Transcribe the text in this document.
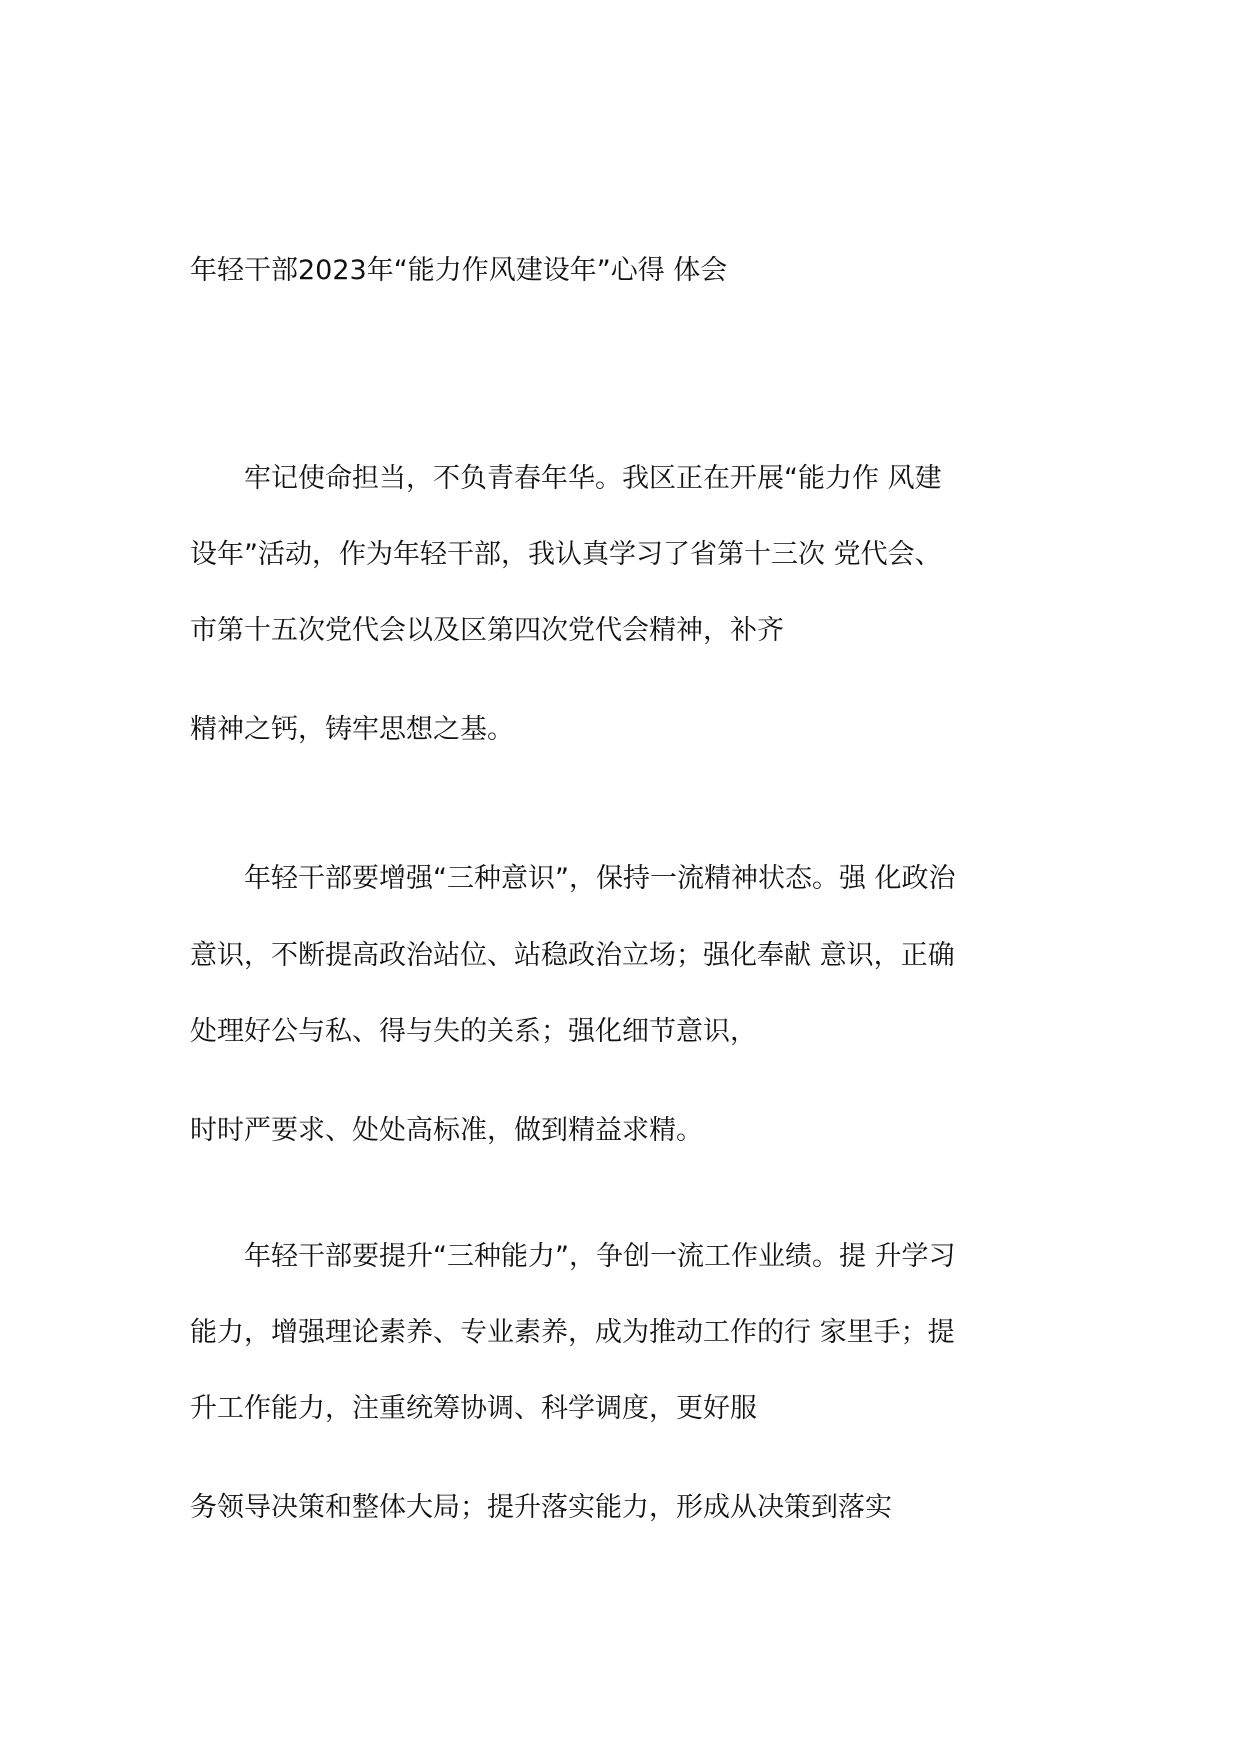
年轻干部2023年“能力作风建设年”心得 体会
　　牢记使命担当，不负青春年华。我区正在开展“能力作 风建
设年”活动，作为年轻干部，我认真学习了省第十三次 党代会、
市第十五次党代会以及区第四次党代会精神，补齐
精神之钙，铸牢思想之基。
　　年轻干部要增强“三种意识”，保持一流精神状态。强 化政治
意识，不断提高政治站位、站稳政治立场；强化奉献 意识，正确
处理好公与私、得与失的关系；强化细节意识，
时时严要求、处处高标准，做到精益求精。
　　年轻干部要提升“三种能力”，争创一流工作业绩。提 升学习
能力，增强理论素养、专业素养，成为推动工作的行 家里手；提
升工作能力，注重统筹协调、科学调度，更好服
务领导决策和整体大局；提升落实能力，形成从决策到落实
